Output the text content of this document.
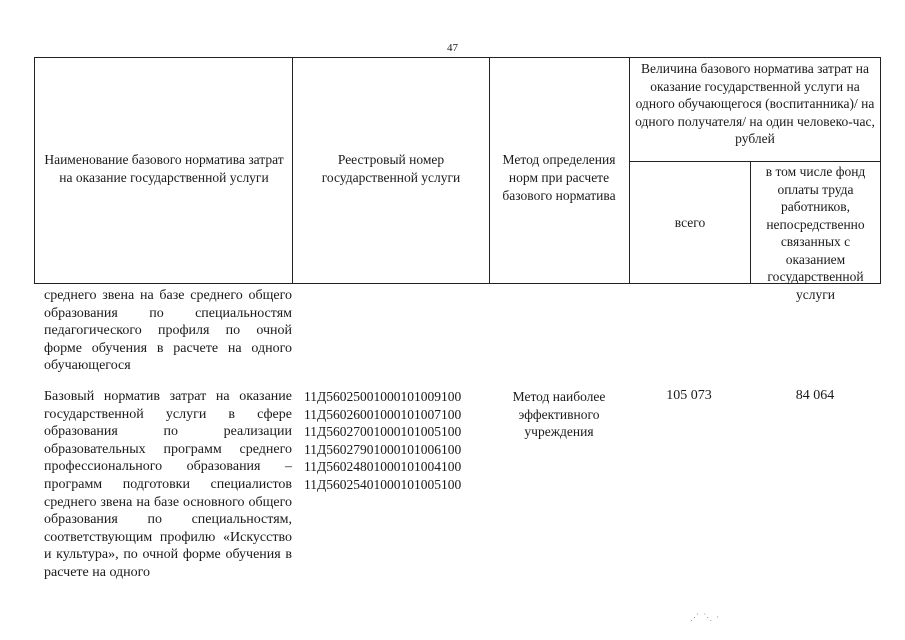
47
Наименование базового норматива затрат на оказание государственной услуги
Реестровый номер государственной услуги
Метод определения норм при расчете базового норматива
Величина базового норматива затрат на оказание государственной услуги на одного обучающегося (воспитанника)/ на одного получателя/ на один человеко-час, рублей
всего
в том числе фонд оплаты труда работников, непосредственно связанных с оказанием государственной услуги
среднего звена на базе среднего общего образования по специальностям педагогического профиля по очной форме обучения в расчете на одного обучающегося
Базовый норматив затрат на оказание государственной услуги в сфере образования по реализации образовательных программ среднего профессионального образования – программ подготовки специалистов среднего звена на базе основного общего образования по специальностям, соответствующим профилю «Искусство и культура», по очной форме обучения в расчете на одного
11Д56025001000101009100
11Д56026001000101007100
11Д56027001000101005100
11Д56027901000101006100
11Д56024801000101004100
11Д56025401000101005100
Метод наиболее эффективного учреждения
105 073	84 064
⋰ ⋱ ⸱
